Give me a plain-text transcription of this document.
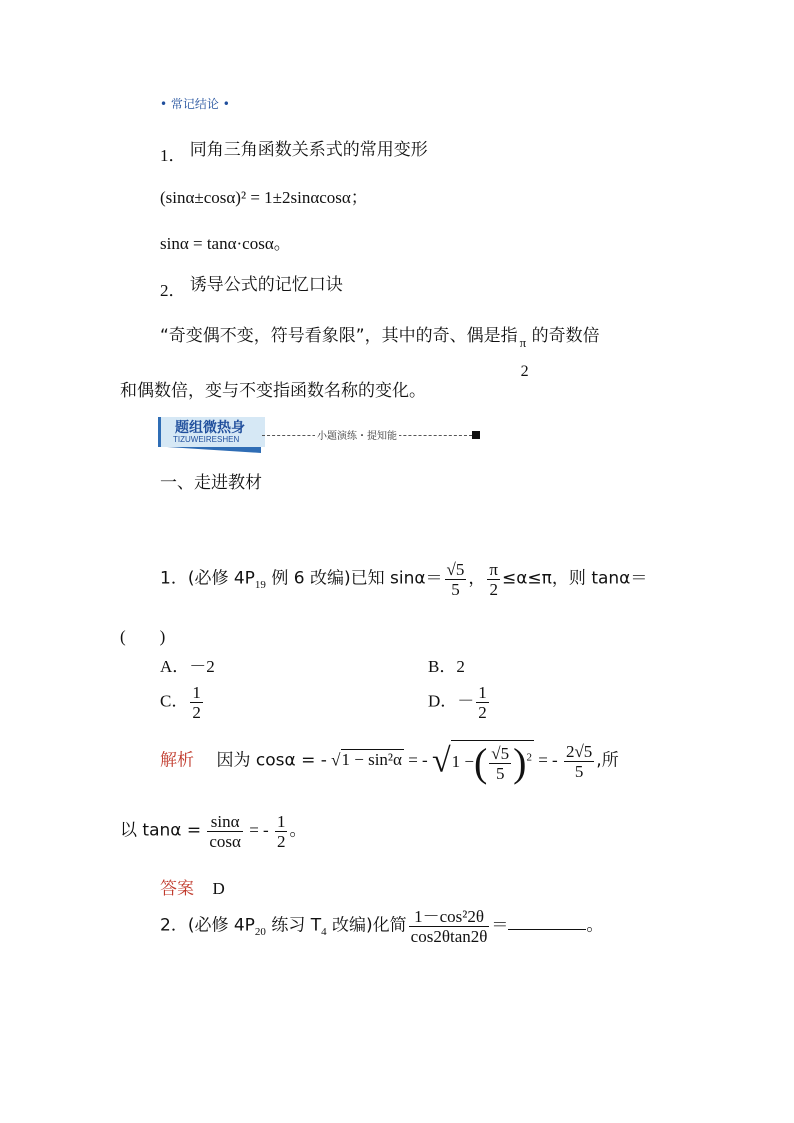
• 常记结论 •
1． 同角三角函数关系式的常用变形
(sinα±cosα)² = 1±2sinαcosα；
sinα = tanα·cosα。
2． 诱导公式的记忆口诀
“奇变偶不变，符号看象限”，其中的奇、偶是指 π
2
的奇数倍
和偶数倍，变与不变指函数名称的变化。
题组微热身
TIZUWEIRESHEN	小题演练・提知能
一、走进教材
1．(必修 $4P_{19}$ 例 6 改编)已知 $\sin\alpha= \frac{√5}{5}$ ， $\frac{\pi}{2} \le\alpha\le\pi$，则 tanα＝
(　　)
A．－2	B．2
C． $\frac{1}{2}$	D．－ $\frac{1}{2}$
解析 因为 cosα = - √1 − sin²α = - √1 −( $\frac{√5}{5} )^2$ = - $\frac{2√5}{5}$ ,所
以 $\tan\alpha = \frac{\sin\alpha}{\cos\alpha}$ = - $\frac{1}{2}$ 。
答案 D
2．(必修 $4P_{20}$ 练习 $T_4$ 改编)化简 $\frac{\text{1－cos²2θ}}{\cos 2\theta\tan 2\theta}$ ＝	。
